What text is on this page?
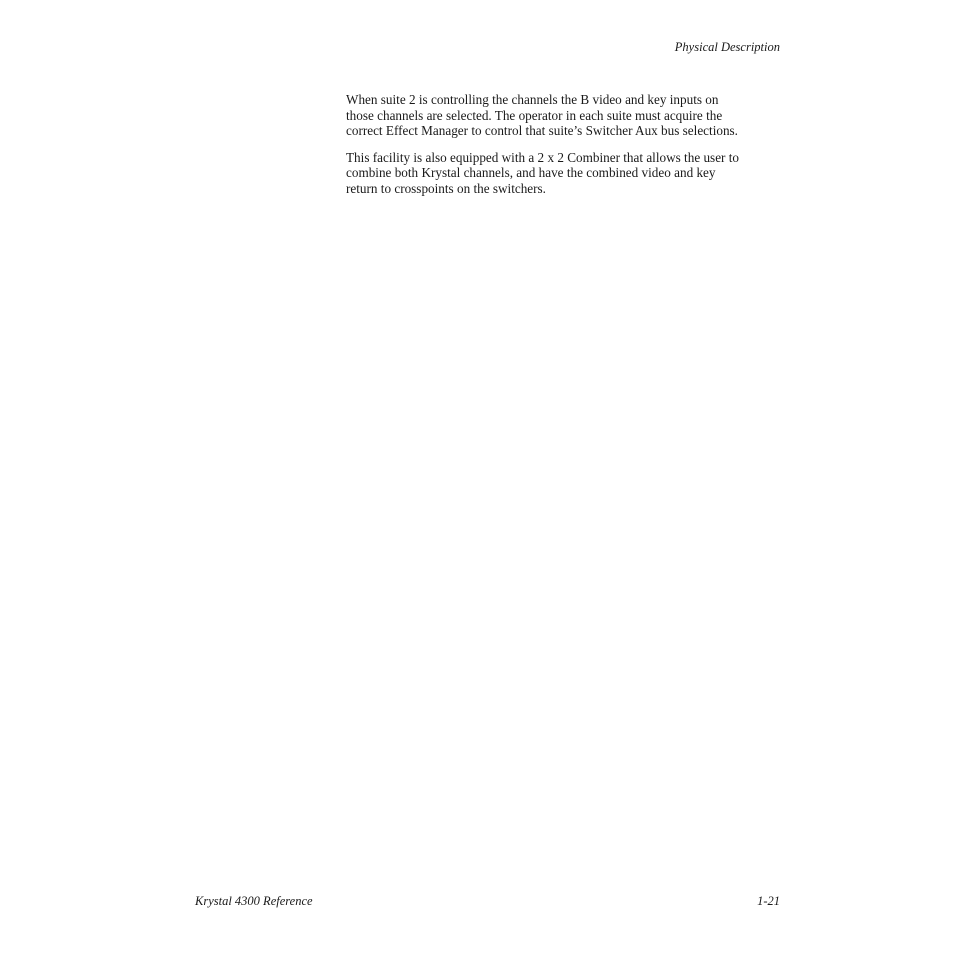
Physical Description

When suite 2 is controlling the channels the B video and key inputs on
those channels are selected. The operator in each suite must acquire the
correct Effect Manager to control that suite’s Switcher Aux bus selections.

This facility is also equipped with a 2 x 2 Combiner that allows the user to
combine both Krystal channels, and have the combined video and key
return to crosspoints on the switchers.

Krystal 4300 Reference	1-21
